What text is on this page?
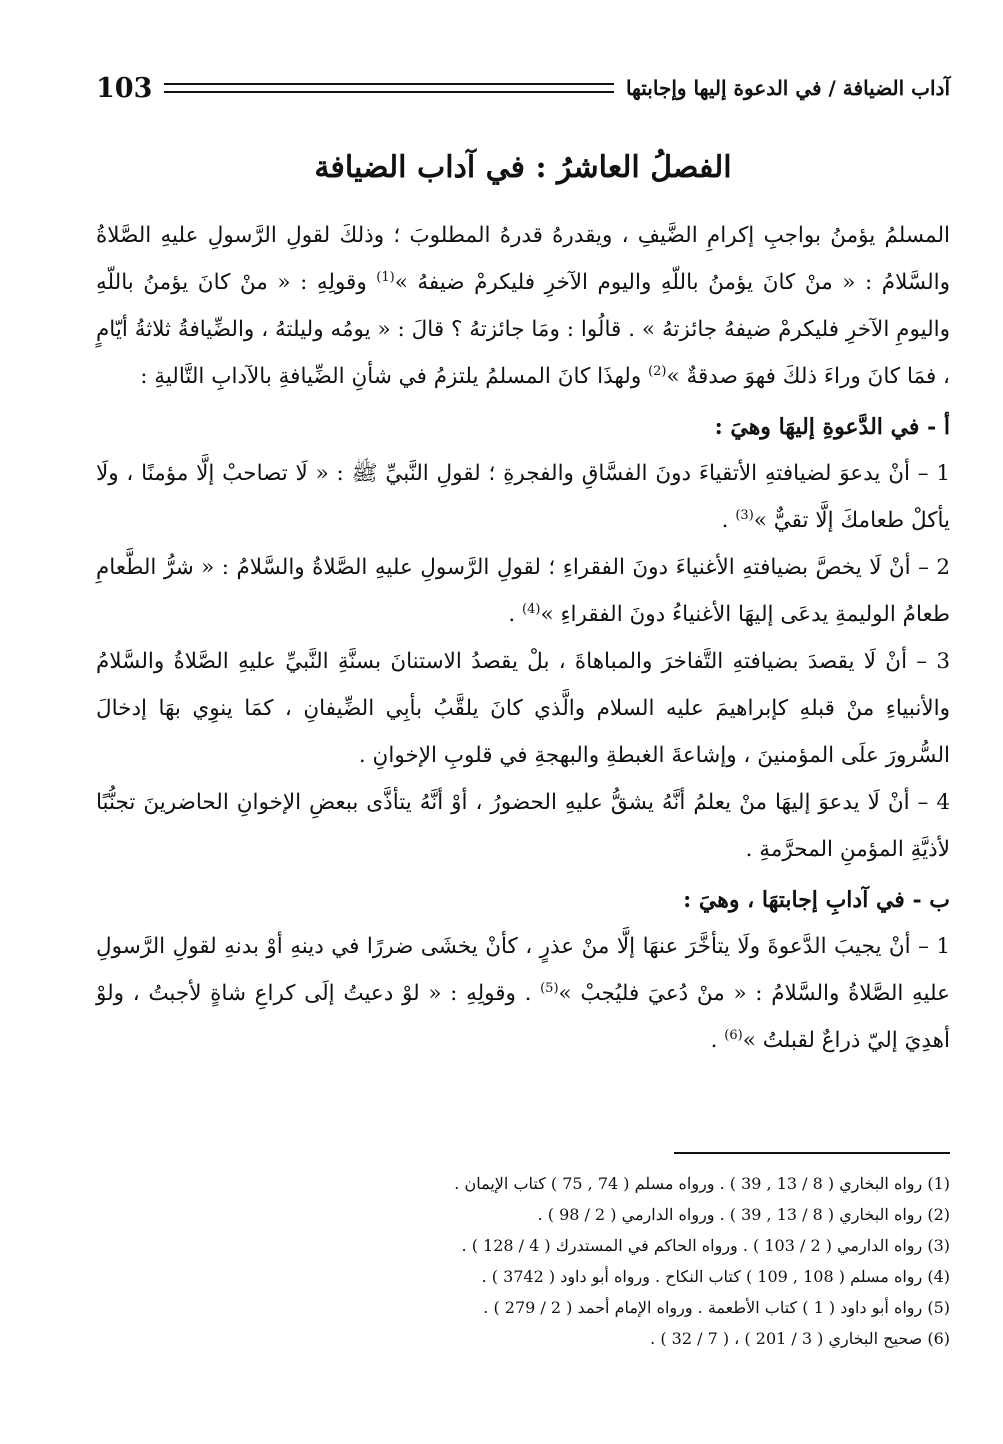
103	آداب الضيافة / في الدعوة إليها وإجابتها
الفصلُ العاشرُ : في آداب الضيافة

المسلمُ يؤمنُ بواجبِ إكرامِ الضَّيفِ ، ويقدرهُ قدرهُ المطلوبَ ؛ وذلكَ لقولِ الرَّسولِ عليهِ الصَّلاةُ والسَّلامُ : « منْ كانَ يؤمنُ باللّهِ واليوم الآخرِ فليكرمْ ضيفهُ »$^{(1)}$ وقولِهِ : « منْ كانَ يؤمنُ باللّهِ واليومِ الآخرِ فليكرمْ ضيفهُ جائزتهُ » . قالُوا : ومَا جائزتهُ ؟ قالَ : « يومُه وليلتهُ ، والضِّيافةُ ثلاثةُ أيّامٍ ، فمَا كانَ وراءَ ذلكَ فهوَ صدقةٌ »$^{(2)}$ ولهذَا كانَ المسلمُ يلتزمُ في شأنِ الضِّيافةِ بالآدابِ التَّاليةِ :

أ - في الدَّعوةِ إليهَا وهيَ :

1 – أنْ يدعوَ لضيافتهِ الأتقياءَ دونَ الفسَّاقِ والفجرةِ ؛ لقولِ النَّبيِّ ﷺ : « لَا تصاحبْ إلَّا مؤمنًا ، ولَا يأكلْ طعامكَ إلَّا تقيٌّ »$^{(3)}$ .

2 – أنْ لَا يخصَّ بضيافتهِ الأغنياءَ دونَ الفقراءِ ؛ لقولِ الرَّسولِ عليهِ الصَّلاةُ والسَّلامُ : « شرُّ الطَّعامِ طعامُ الوليمةِ يدعَى إليهَا الأغنياءُ دونَ الفقراءِ »$^{(4)}$ .

3 – أنْ لَا يقصدَ بضيافتهِ التَّفاخرَ والمباهاةَ ، بلْ يقصدُ الاستنانَ بسنَّةِ النَّبيِّ عليهِ الصَّلاةُ والسَّلامُ والأنبياءِ منْ قبلهِ كإبراهيمَ عليه السلام والَّذي كانَ يلقَّبُ بأبِي الضِّيفانِ ، كمَا ينوِي بهَا إدخالَ السُّرورَ علَى المؤمنينَ ، وإشاعةَ الغبطةِ والبهجةِ في قلوبِ الإخوانِ .

4 – أنْ لَا يدعوَ إليهَا منْ يعلمُ أنَّهُ يشقُّ عليهِ الحضورُ ، أوْ أنَّهُ يتأذَّى ببعضِ الإخوانِ الحاضرينَ تجنُّبًا لأذيَّةِ المؤمنِ المحرَّمةِ .

ب - في آدابِ إجابتهَا ، وهيَ :

1 – أنْ يجيبَ الدَّعوةَ ولَا يتأخَّرَ عنهَا إلَّا منْ عذرٍ ، كأنْ يخشَى ضررًا في دينهِ أوْ بدنهِ لقولِ الرَّسولِ عليهِ الصَّلاةُ والسَّلامُ : « منْ دُعيَ فليُجبْ »$^{(5)}$ . وقولِهِ : « لوْ دعيتُ إلَى كراعِ شاةٍ لأجبتُ ، ولوْ أهدِيَ إليّ ذراعٌ لقبلتُ »$^{(6)}$ .

(1) رواه البخاري ( 8 / 13 , 39 ) . ورواه مسلم ( 74 , 75 ) كتاب الإيمان .

(2) رواه البخاري ( 8 / 13 , 39 ) . ورواه الدارمي ( 2 / 98 ) .

(3) رواه الدارمي ( 2 / 103 ) . ورواه الحاكم في المستدرك ( 4 / 128 ) .

(4) رواه مسلم ( 108 , 109 ) كتاب النكاح . ورواه أبو داود ( 3742 ) .

(5) رواه أبو داود ( 1 ) كتاب الأطعمة . ورواه الإمام أحمد ( 2 / 279 ) .

(6) صحيح البخاري ( 3 / 201 ) ، ( 7 / 32 ) .
